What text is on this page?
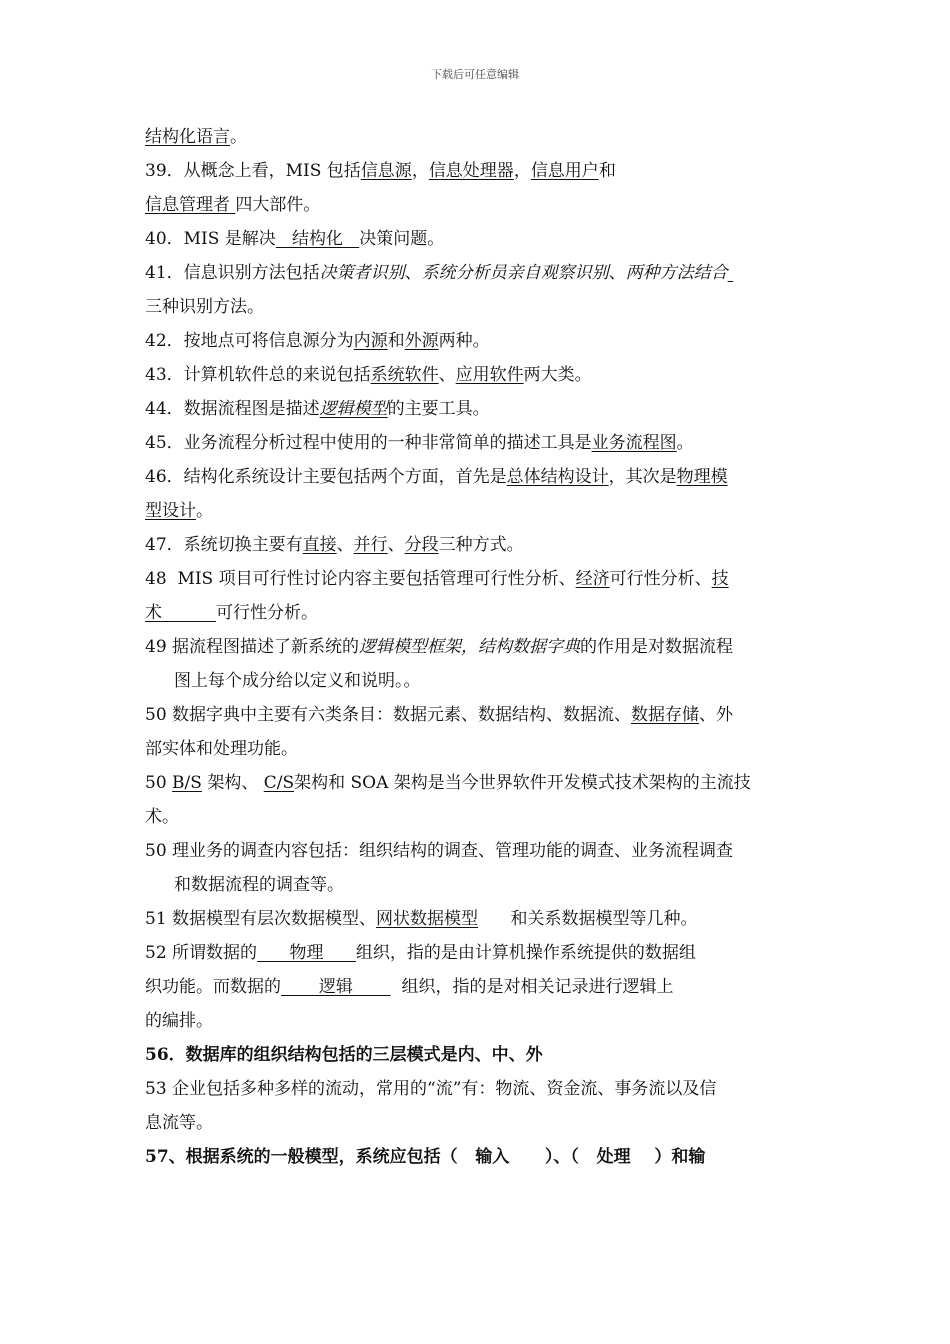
下载后可任意编辑
结构化语言。
39．从概念上看，MIS 包括信息源，信息处理器，信息用户和
信息管理者 四大部件。
40．MIS 是解决   结构化   决策问题。
41．信息识别方法包括决策者识别、系统分析员亲自观察识别、两种方法结合
三种识别方法。
42．按地点可将信息源分为内源和外源两种。
43．计算机软件总的来说包括系统软件、应用软件两大类。
44．数据流程图是描述逻辑模型的主要工具。
45．业务流程分析过程中使用的一种非常简单的描述工具是业务流程图。
46．结构化系统设计主要包括两个方面，首先是总体结构设计，其次是物理模
型设计。
47．系统切换主要有直接、并行、分段三种方式。
48  MIS 项目可行性讨论内容主要包括管理可行性分析、经济可行性分析、技
术          可行性分析。
49 据流程图描述了新系统的逻辑模型框架，结构数据字典的作用是对数据流程
图上每个成分给以定义和说明。。
50 数据字典中主要有六类条目：数据元素、数据结构、数据流、数据存储、外
部实体和处理功能。
50 B/S 架构、 C/S架构和 SOA 架构是当今世界软件开发模式技术架构的主流技
术。
50 理业务的调查内容包括：组织结构的调查、管理功能的调查、业务流程调查
和数据流程的调查等。
51 数据模型有层次数据模型、网状数据模型      和关系数据模型等几种。
52 所谓数据的      物理      组织，指的是由计算机操作系统提供的数据组
织功能。而数据的       逻辑         组织，指的是对相关记录进行逻辑上
的编排。
56．数据库的组织结构包括的三层模式是内、中、外
53 企业包括多种多样的流动，常用的“流”有：物流、资金流、事务流以及信
息流等。
57、根据系统的一般模型，系统应包括（   输入      ）、（   处理    ）和输
